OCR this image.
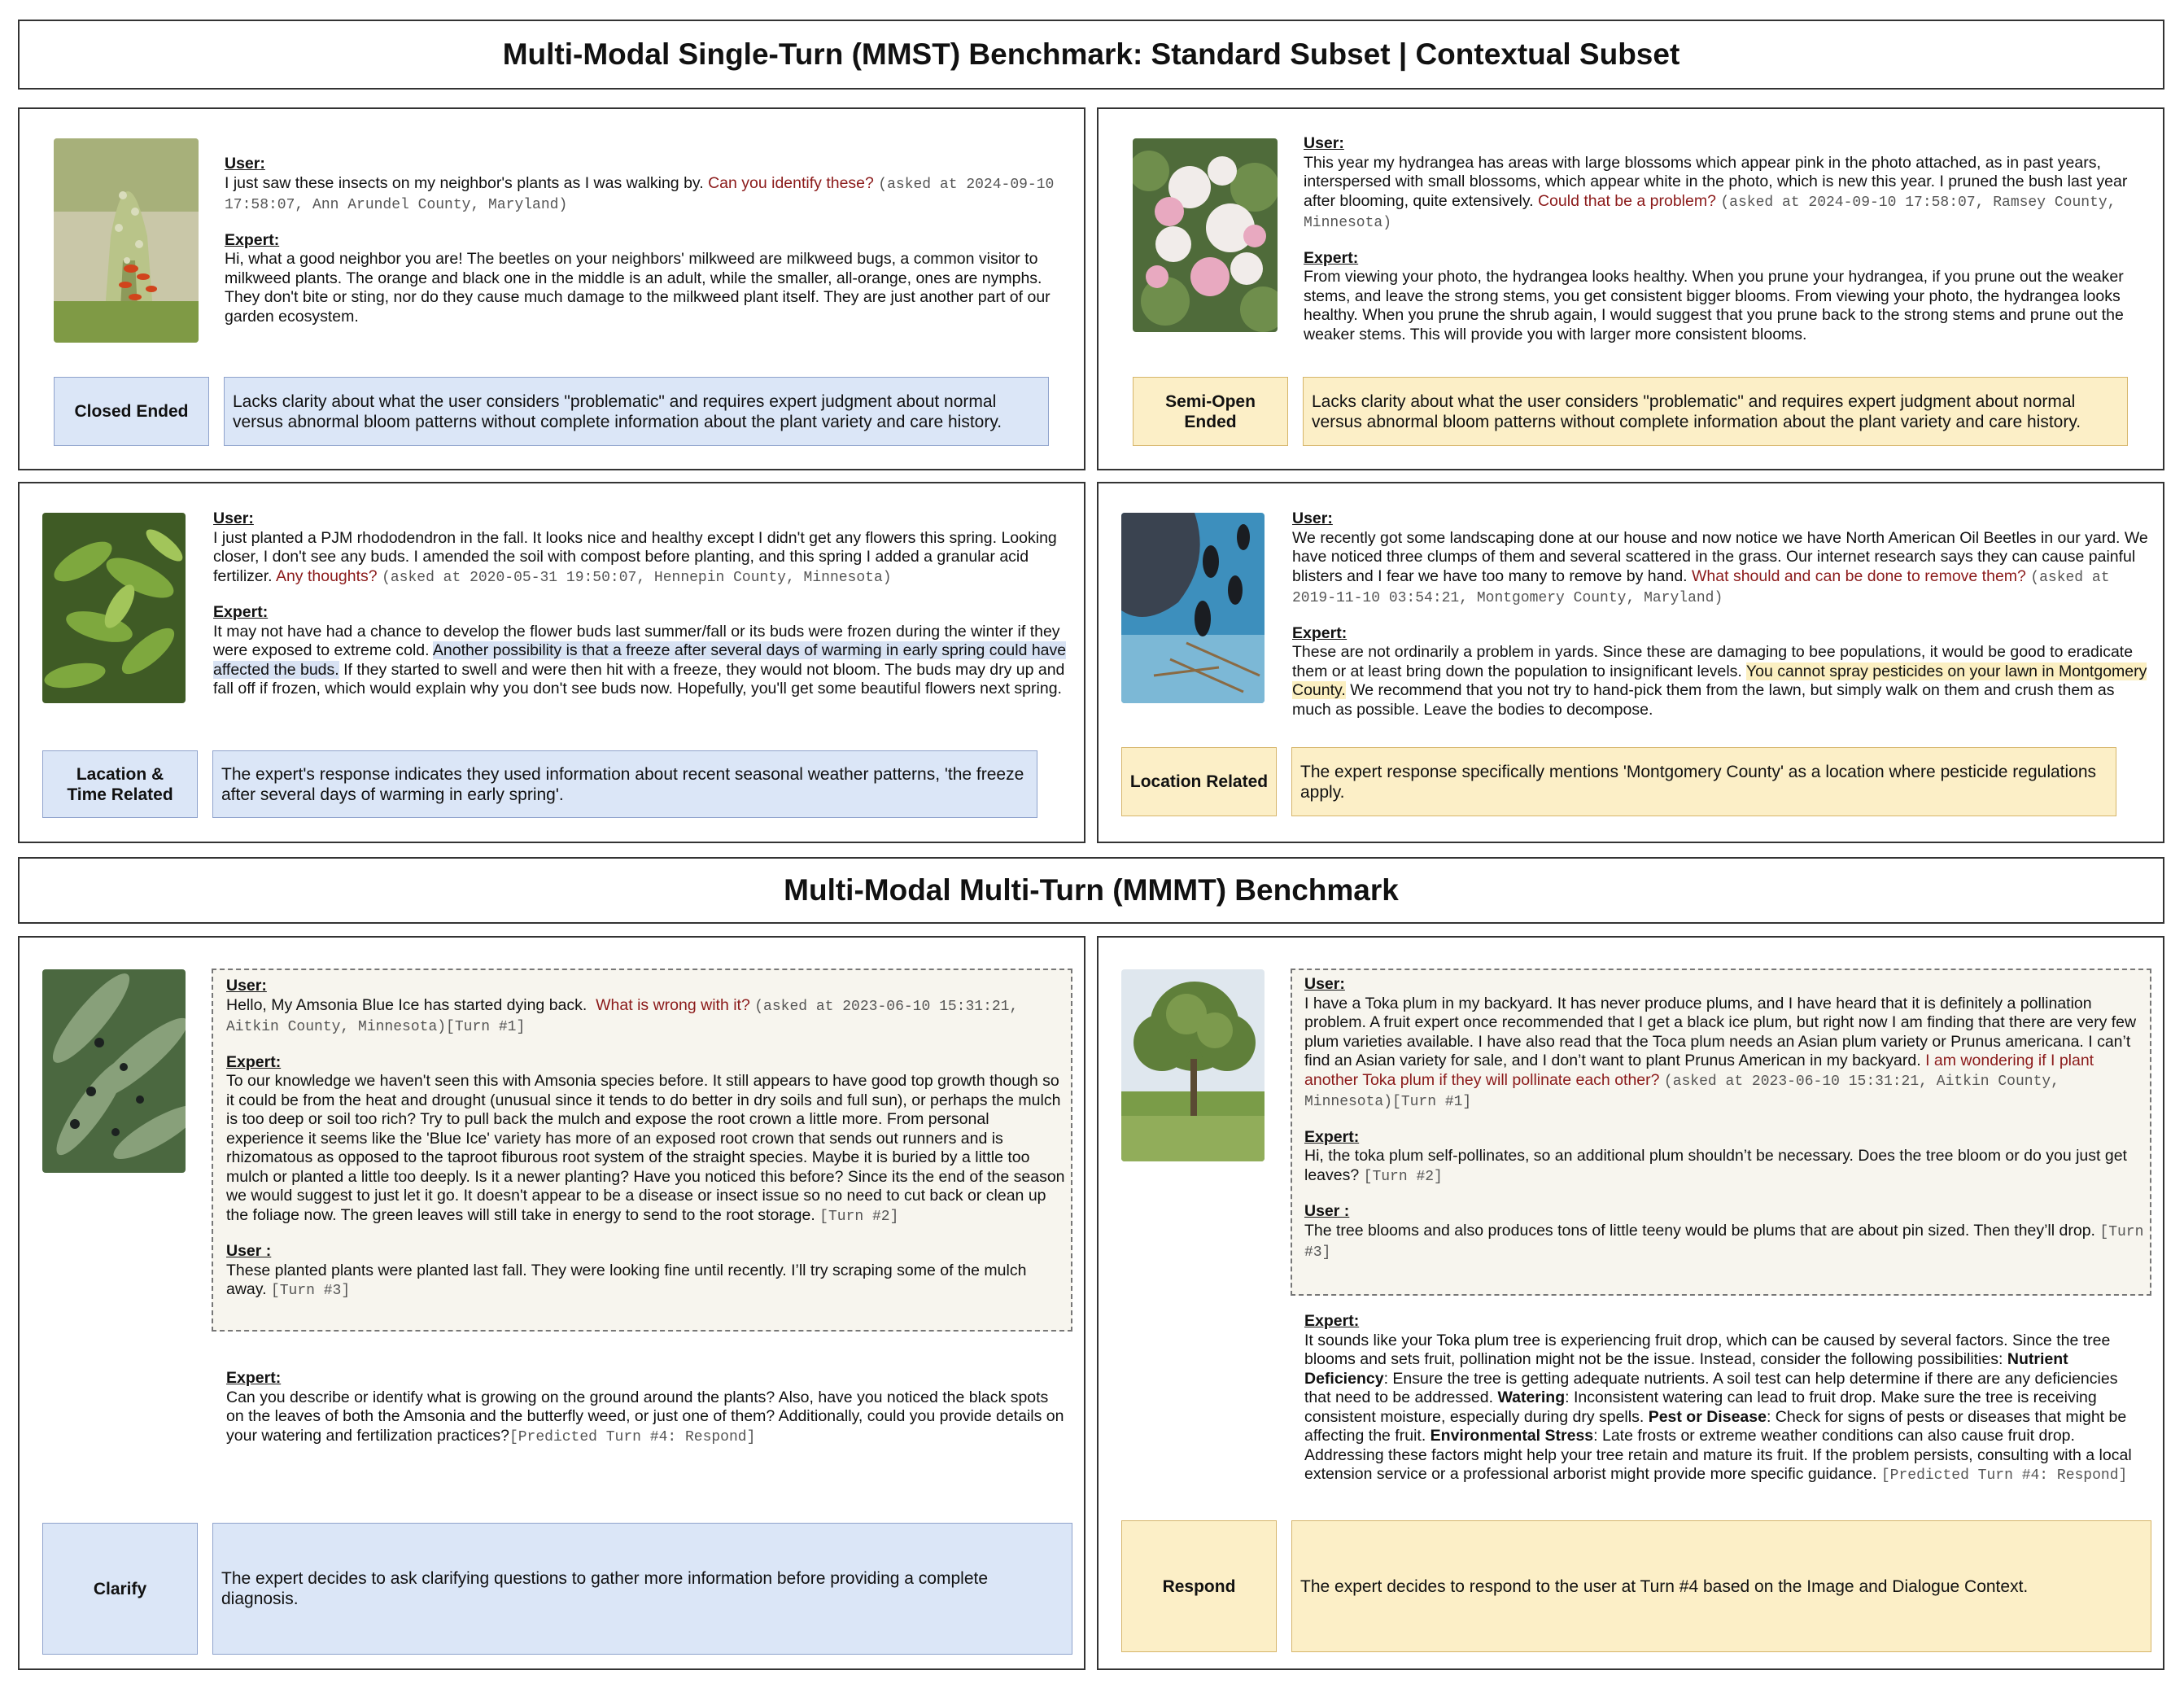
Multi-Modal Single-Turn (MMST) Benchmark: Standard Subset | Contextual Subset

User:

I just saw these insects on my neighbor's plants as I was walking by. Can you identify these? (asked at 2024-09-10 17:58:07, Ann Arundel County, Maryland)

Expert:

Hi, what a good neighbor you are! The beetles on your neighbors' milkweed are milkweed bugs, a common visitor to milkweed plants. The orange and black one in the middle is an adult, while the smaller, all-orange, ones are nymphs. They don't bite or sting, nor do they cause much damage to the milkweed plant itself. They are just another part of our garden ecosystem.

Closed Ended
Lacks clarity about what the user considers "problematic" and requires expert judgment about normal versus abnormal bloom patterns without complete information about the plant variety and care history.

User:

This year my hydrangea has areas with large blossoms which appear pink in the photo attached, as in past years, interspersed with small blossoms, which appear white in the photo, which is new this year. I pruned the bush last year after blooming, quite extensively. Could that be a problem? (asked at 2024-09-10 17:58:07, Ramsey County, Minnesota)

Expert:

From viewing your photo, the hydrangea looks healthy. When you prune your hydrangea, if you prune out the weaker stems, and leave the strong stems, you get consistent bigger blooms. From viewing your photo, the hydrangea looks healthy. When you prune the shrub again, I would suggest that you prune back to the strong stems and prune out the weaker stems. This will provide you with larger more consistent blooms.

Semi-Open Ended
Lacks clarity about what the user considers "problematic" and requires expert judgment about normal versus abnormal bloom patterns without complete information about the plant variety and care history.

User:

I just planted a PJM rhododendron in the fall. It looks nice and healthy except I didn't get any flowers this spring. Looking closer, I don't see any buds. I amended the soil with compost before planting, and this spring I added a granular acid fertilizer. Any thoughts? (asked at 2020-05-31 19:50:07, Hennepin County, Minnesota)

Expert:

It may not have had a chance to develop the flower buds last summer/fall or its buds were frozen during the winter if they were exposed to extreme cold. Another possibility is that a freeze after several days of warming in early spring could have affected the buds. If they started to swell and were then hit with a freeze, they would not bloom. The buds may dry up and fall off if frozen, which would explain why you don't see buds now. Hopefully, you'll get some beautiful flowers next spring.

Lacation & Time Related
The expert's response indicates they used information about recent seasonal weather patterns, 'the freeze after several days of warming in early spring'.

User:

We recently got some landscaping done at our house and now notice we have North American Oil Beetles in our yard. We have noticed three clumps of them and several scattered in the grass. Our internet research says they can cause painful blisters and I fear we have too many to remove by hand. What should and can be done to remove them? (asked at 2019-11-10 03:54:21, Montgomery County, Maryland)

Expert:

These are not ordinarily a problem in yards. Since these are damaging to bee populations, it would be good to eradicate them or at least bring down the population to insignificant levels. You cannot spray pesticides on your lawn in Montgomery County. We recommend that you not try to hand-pick them from the lawn, but simply walk on them and crush them as much as possible. Leave the bodies to decompose.

Location Related
The expert response specifically mentions 'Montgomery County' as a location where pesticide regulations apply.
Multi-Modal Multi-Turn (MMMT) Benchmark

User:

Hello, My Amsonia Blue Ice has started dying back. What is wrong with it? (asked at 2023-06-10 15:31:21, Aitkin County, Minnesota)[Turn #1]

Expert:

To our knowledge we haven't seen this with Amsonia species before. It still appears to have good top growth though so it could be from the heat and drought (unusual since it tends to do better in dry soils and full sun), or perhaps the mulch is too deep or soil too rich? Try to pull back the mulch and expose the root crown a little more. From personal experience it seems like the 'Blue Ice' variety has more of an exposed root crown that sends out runners and is rhizomatous as opposed to the taproot fiburous root system of the straight species. Maybe it is buried by a little too mulch or planted a little too deeply. Is it a newer planting? Have you noticed this before? Since its the end of the season we would suggest to just let it go. It doesn't appear to be a disease or insect issue so no need to cut back or clean up the foliage now. The green leaves will still take in energy to send to the root storage. [Turn #2]

User :

These planted plants were planted last fall. They were looking fine until recently. I’ll try scraping some of the mulch away. [Turn #3]

Expert:

Can you describe or identify what is growing on the ground around the plants? Also, have you noticed the black spots on the leaves of both the Amsonia and the butterfly weed, or just one of them? Additionally, could you provide details on your watering and fertilization practices?[Predicted Turn #4: Respond]

Clarify
The expert decides to ask clarifying questions to gather more information before providing a complete diagnosis.

User:

I have a Toka plum in my backyard. It has never produce plums, and I have heard that it is definitely a pollination problem. A fruit expert once recommended that I get a black ice plum, but right now I am finding that there are very few plum varieties available. I have also read that the Toca plum needs an Asian plum variety or Prunus americana. I can’t find an Asian variety for sale, and I don’t want to plant Prunus American in my backyard. I am wondering if I plant another Toka plum if they will pollinate each other? (asked at 2023-06-10 15:31:21, Aitkin County, Minnesota)[Turn #1]

Expert:

Hi, the toka plum self-pollinates, so an additional plum shouldn’t be necessary. Does the tree bloom or do you just get leaves? [Turn #2]

User :

The tree blooms and also produces tons of little teeny would be plums that are about pin sized. Then they’ll drop. [Turn #3]

Expert:

It sounds like your Toka plum tree is experiencing fruit drop, which can be caused by several factors. Since the tree blooms and sets fruit, pollination might not be the issue. Instead, consider the following possibilities: Nutrient Deficiency: Ensure the tree is getting adequate nutrients. A soil test can help determine if there are any deficiencies that need to be addressed. Watering: Inconsistent watering can lead to fruit drop. Make sure the tree is receiving consistent moisture, especially during dry spells. Pest or Disease: Check for signs of pests or diseases that might be affecting the fruit. Environmental Stress: Late frosts or extreme weather conditions can also cause fruit drop. Addressing these factors might help your tree retain and mature its fruit. If the problem persists, consulting with a local extension service or a professional arborist might provide more specific guidance. [Predicted Turn #4: Respond]

Respond	The expert decides to respond to the user at Turn #4 based on the Image and Dialogue Context.
